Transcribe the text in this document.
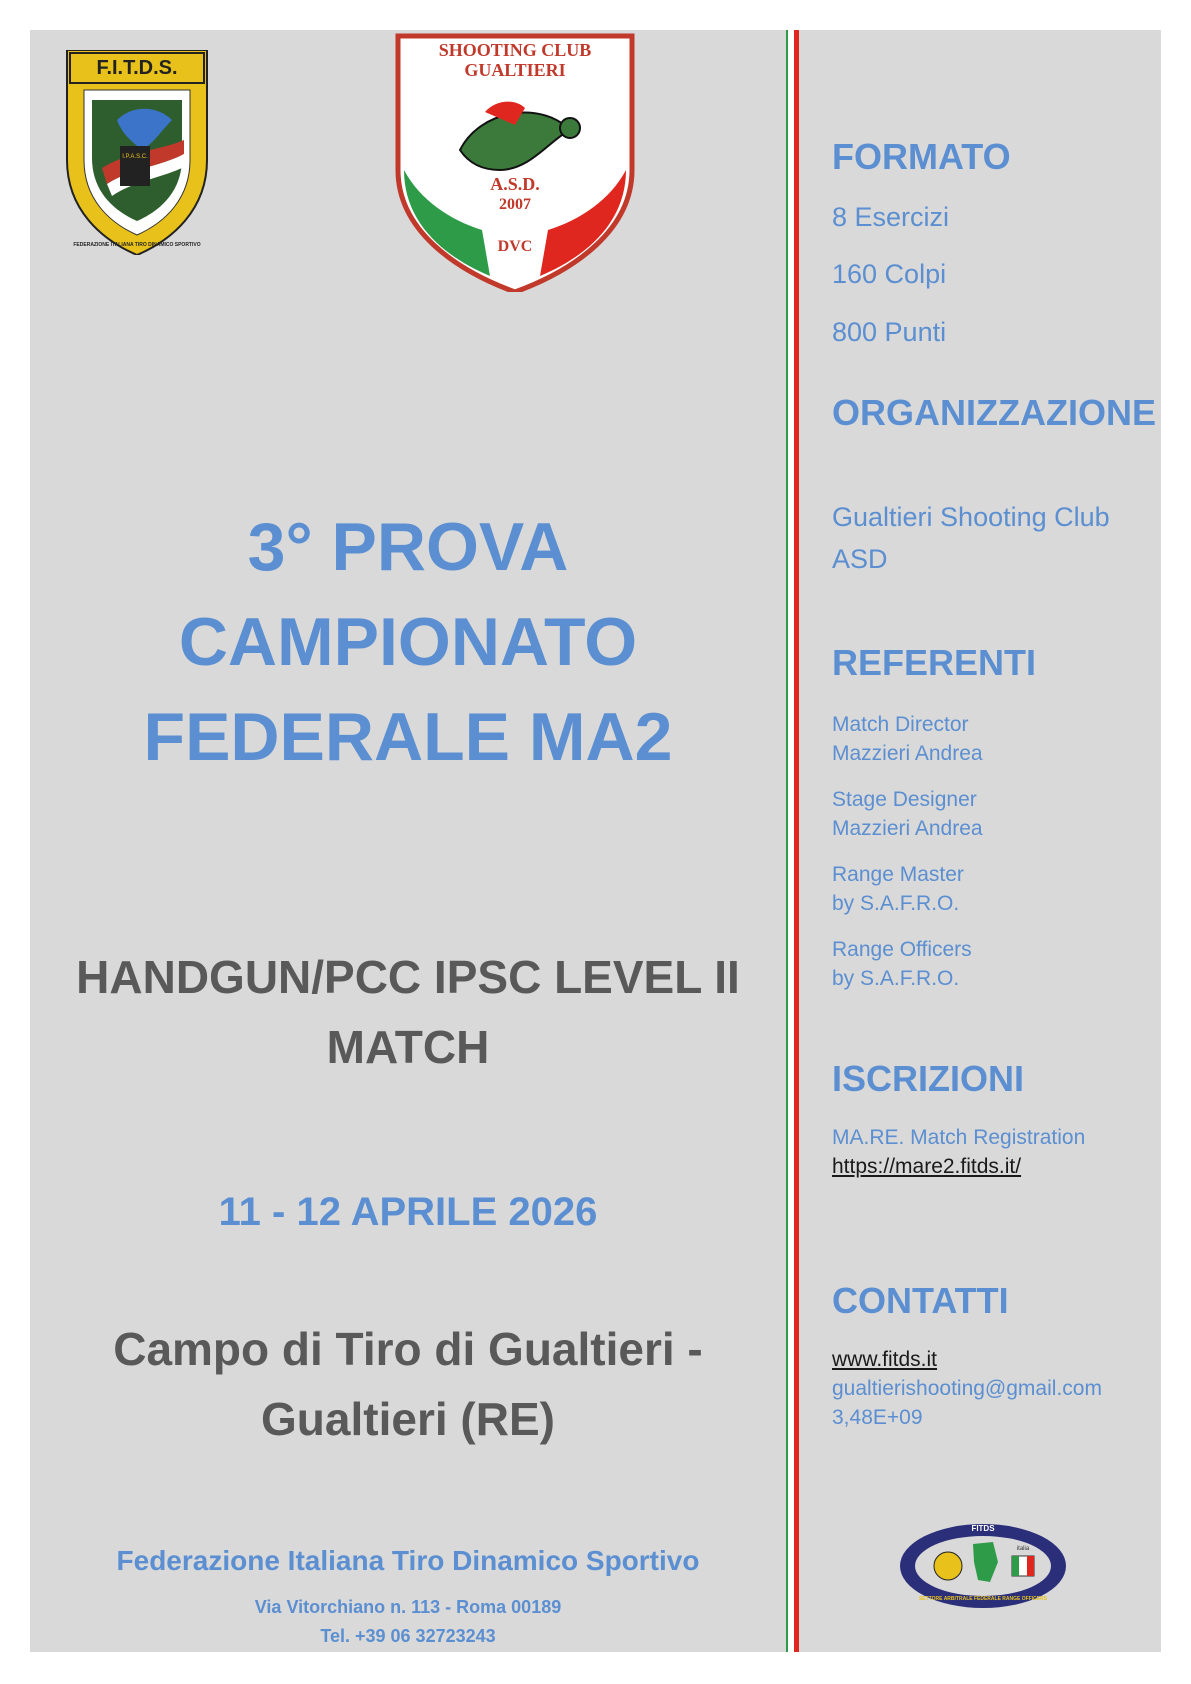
F.I.T.D.S.
I.P.A.S.C.
FEDERAZIONE ITALIANA TIRO DINAMICO SPORTIVO
SHOOTING CLUB
GUALTIERI
A.S.D.
2007
DVC
3° PROVA
CAMPIONATO
FEDERALE MA2
HANDGUN/PCC IPSC LEVEL II
MATCH
11 - 12 APRILE 2026
Campo di Tiro di Gualtieri -
Gualtieri (RE)
Federazione Italiana Tiro Dinamico Sportivo
Via Vitorchiano n. 113 - Roma 00189
Tel. +39 06 32723243
FORMATO
8 Esercizi
160 Colpi
800 Punti
ORGANIZZAZIONE
Gualtieri Shooting Club
ASD
REFERENTI
Match Director
Mazzieri Andrea
Stage Designer
Mazzieri Andrea
Range Master
by S.A.F.R.O.
Range Officers
by S.A.F.R.O.
ISCRIZIONI
MA.RE. Match Registration
https://mare2.fitds.it/
CONTATTI
www.fitds.it
gualtierishooting@gmail.com
3,48E+09
FITDS
italia
SETTORE ARBITRALE FEDERALE RANGE OFFICERS
